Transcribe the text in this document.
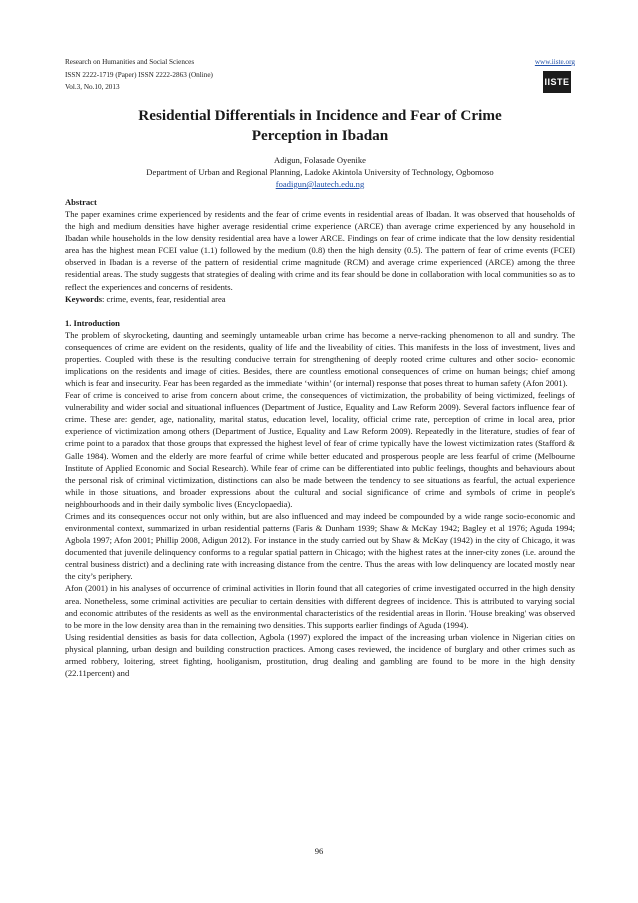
Research on Humanities and Social Sciences
ISSN 2222-1719 (Paper) ISSN 2222-2863 (Online)
Vol.3, No.10, 2013
www.iiste.org
IISTE
Residential Differentials in Incidence and Fear of Crime
Perception in Ibadan
Adigun, Folasade Oyenike
Department of Urban and Regional Planning, Ladoke Akintola University of Technology, Ogbomoso
foadigun@lautech.edu.ng

Abstract

The paper examines crime experienced by residents and the fear of crime events in residential areas of Ibadan. It was observed that households of the high and medium densities have higher average residential crime experience (ARCE) than average crime experienced by any household in Ibadan while households in the low density residential area have a lower ARCE. Findings on fear of crime indicate that the low density residential area has the highest mean FCEI value (1.1) followed by the medium (0.8) then the high density (0.5). The pattern of fear of crime events (FCEI) observed in Ibadan is a reverse of the pattern of residential crime magnitude (RCM) and average crime experienced (ARCE) among the three residential areas. The study suggests that strategies of dealing with crime and its fear should be done in collaboration with local communities so as to reflect the experiences and concerns of residents.

Keywords: crime, events, fear, residential area

1. Introduction

The problem of skyrocketing, daunting and seemingly untameable urban crime has become a nerve-racking phenomenon to all and sundry. The consequences of crime are evident on the residents, quality of life and the liveability of cities. This manifests in the loss of investment, lives and properties. Coupled with these is the resulting conducive terrain for strengthening of deeply rooted crime cultures and other socio- economic implications on the residents and image of cities. Besides, there are countless emotional consequences of crime on human beings; chief among which is fear and insecurity. Fear has been regarded as the immediate ‘within’ (or internal) response that poses threat to human safety (Afon 2001).

Fear of crime is conceived to arise from concern about crime, the consequences of victimization, the probability of being victimized, feelings of vulnerability and wider social and situational influences (Department of Justice, Equality and Law Reform 2009). Several factors influence fear of crime. These are: gender, age, nationality, marital status, education level, locality, official crime rate, perception of crime in local area, prior experience of victimization among others (Department of Justice, Equality and Law Reform 2009). Repeatedly in the literature, studies of fear of crime point to a paradox that those groups that expressed the highest level of fear of crime typically have the lowest victimization rates (Stafford & Galle 1984). Women and the elderly are more fearful of crime while better educated and prosperous people are less fearful of crime (Melbourne Institute of Applied Economic and Social Research). While fear of crime can be differentiated into public feelings, thoughts and behaviours about the personal risk of criminal victimization, distinctions can also be made between the tendency to see situations as fearful, the actual experience while in those situations, and broader expressions about the cultural and social significance of crime and symbols of crime in people's neighbourhoods and in their daily symbolic lives (Encyclopaedia).

Crimes and its consequences occur not only within, but are also influenced and may indeed be compounded by a wide range socio-economic and environmental context, summarized in urban residential patterns (Faris & Dunham 1939; Shaw & McKay 1942; Bagley et al 1976; Aguda 1994; Agbola 1997; Afon 2001; Phillip 2008, Adigun 2012). For instance in the study carried out by Shaw & McKay (1942) in the city of Chicago, it was documented that juvenile delinquency conforms to a regular spatial pattern in Chicago; with the highest rates at the inner-city zones (i.e. around the central business district) and a declining rate with increasing distance from the centre. Thus the areas with low delinquency are located mostly near the city’s periphery.

Afon (2001) in his analyses of occurrence of criminal activities in Ilorin found that all categories of crime investigated occurred in the high density area. Nonetheless, some criminal activities are peculiar to certain densities with different degrees of incidence. This is attributed to varying social and economic attributes of the residents as well as the environmental characteristics of the residential areas in Ilorin. 'House breaking' was observed to be more in the low density area than in the remaining two densities. This supports earlier findings of Aguda (1994).

Using residential densities as basis for data collection, Agbola (1997) explored the impact of the increasing urban violence in Nigerian cities on physical planning, urban design and building construction practices. Among cases reviewed, the incidence of burglary and other crimes such as armed robbery, loitering, street fighting, hooliganism, prostitution, drug dealing and gambling are found to be more in the high density (22.11percent) and

96
